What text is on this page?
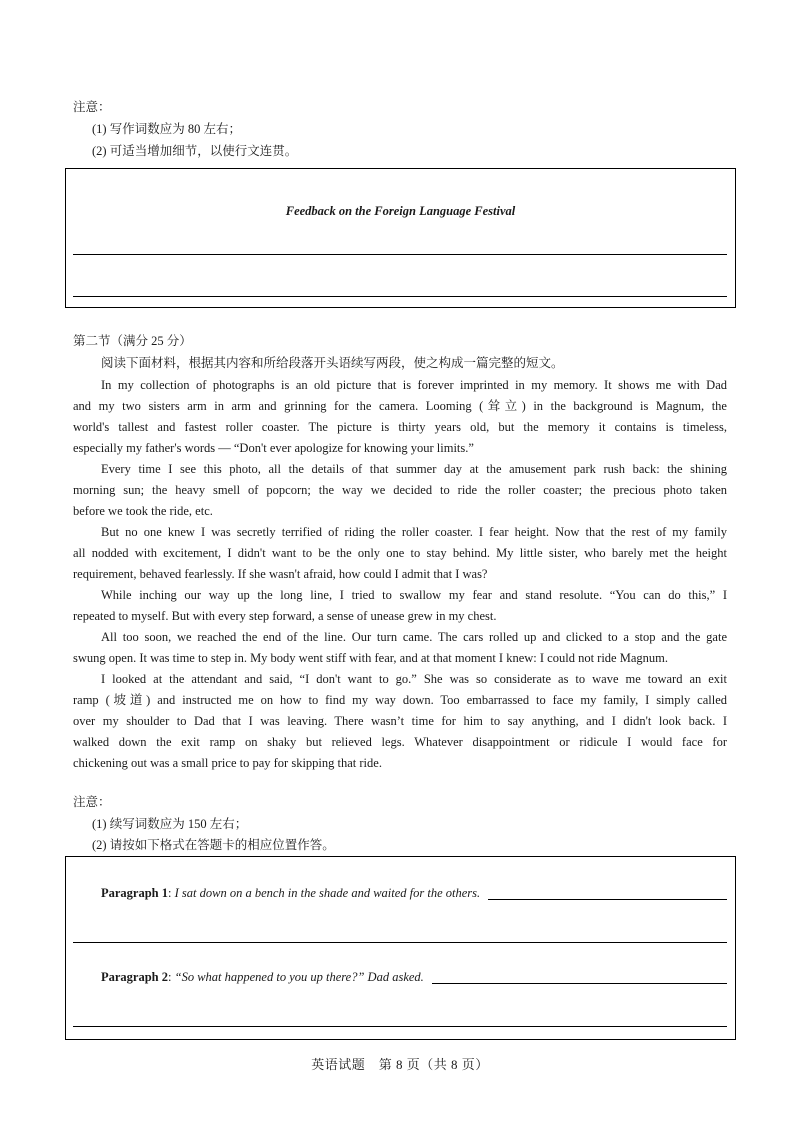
注意：
(1) 写作词数应为 80 左右；
(2) 可适当增加细节，以使行文连贯。
Feedback on the Foreign Language Festival
第二节（满分 25 分）
阅读下面材料，根据其内容和所给段落开头语续写两段，使之构成一篇完整的短文。
In my collection of photographs is an old picture that is forever imprinted in my memory. It shows me with Dad
and my two sisters arm in arm and grinning for the camera. Looming (耸立) in the background is Magnum, the
world's tallest and fastest roller coaster. The picture is thirty years old, but the memory it contains is timeless,
especially my father's words — “Don't ever apologize for knowing your limits.”
Every time I see this photo, all the details of that summer day at the amusement park rush back: the shining
morning sun; the heavy smell of popcorn; the way we decided to ride the roller coaster; the precious photo taken
before we took the ride, etc.
But no one knew I was secretly terrified of riding the roller coaster. I fear height. Now that the rest of my family
all nodded with excitement, I didn't want to be the only one to stay behind. My little sister, who barely met the height
requirement, behaved fearlessly. If she wasn't afraid, how could I admit that I was?
While inching our way up the long line, I tried to swallow my fear and stand resolute. “You can do this,” I
repeated to myself. But with every step forward, a sense of unease grew in my chest.
All too soon, we reached the end of the line. Our turn came. The cars rolled up and clicked to a stop and the gate
swung open. It was time to step in. My body went stiff with fear, and at that moment I knew: I could not ride Magnum.
I looked at the attendant and said, “I don't want to go.” She was so considerate as to wave me toward an exit
ramp (坡道) and instructed me on how to find my way down. Too embarrassed to face my family, I simply called
over my shoulder to Dad that I was leaving. There wasn’t time for him to say anything, and I didn't look back. I
walked down the exit ramp on shaky but relieved legs. Whatever disappointment or ridicule I would face for
chickening out was a small price to pay for skipping that ride.
注意：
(1) 续写词数应为 150 左右；
(2) 请按如下格式在答题卡的相应位置作答。
Paragraph 1 : I sat down on a bench in the shade and waited for the others.
Paragraph 2 : “So what happened to you up there?” Dad asked.
英语试题　第 8 页（共 8 页）
